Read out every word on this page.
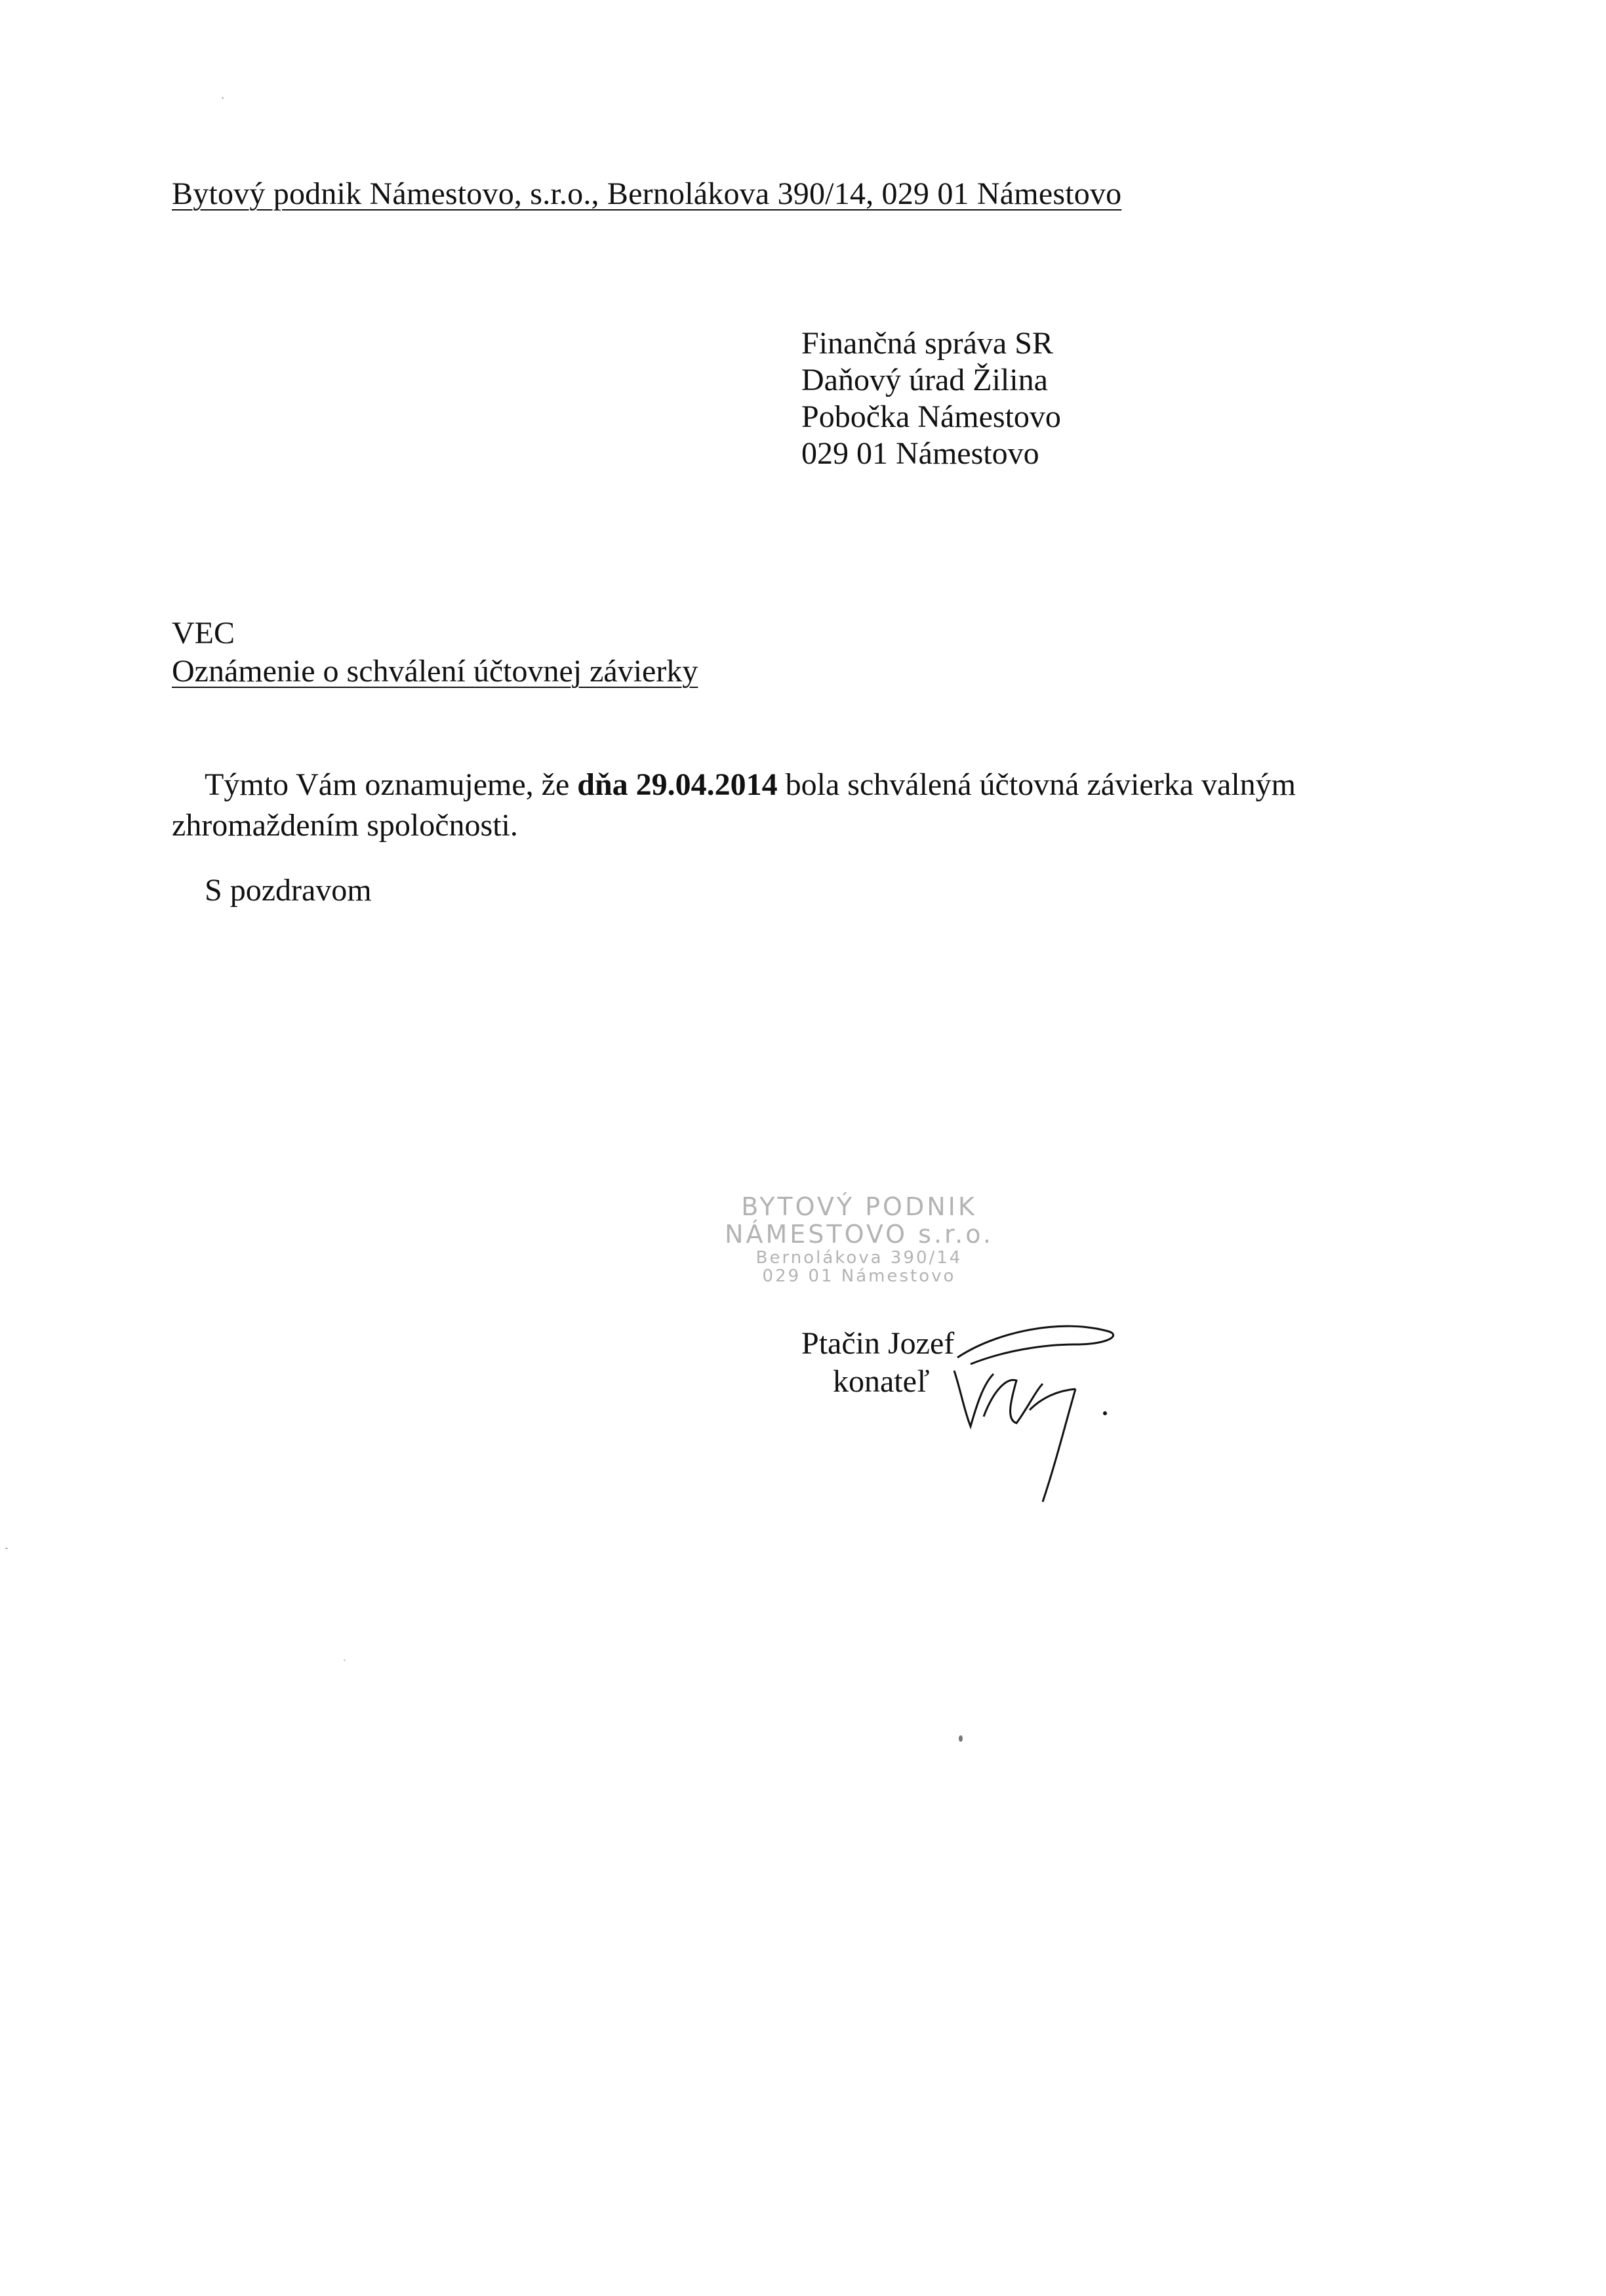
Bytový podnik Námestovo, s.r.o., Bernolákova 390/14, 029 01 Námestovo
Finančná správa SR
Daňový úrad Žilina
Pobočka Námestovo
029 01 Námestovo
VEC
Oznámenie o schválení účtovnej závierky
Týmto Vám oznamujeme, že dňa 29.04.2014 bola schválená účtovná závierka valným
zhromaždením spoločnosti.
S pozdravom
BYTOVÝ PODNIK
NÁMESTOVO s.r.o.
Bernolákova 390/14
029 01 Námestovo
Ptačin Jozef
konateľ
